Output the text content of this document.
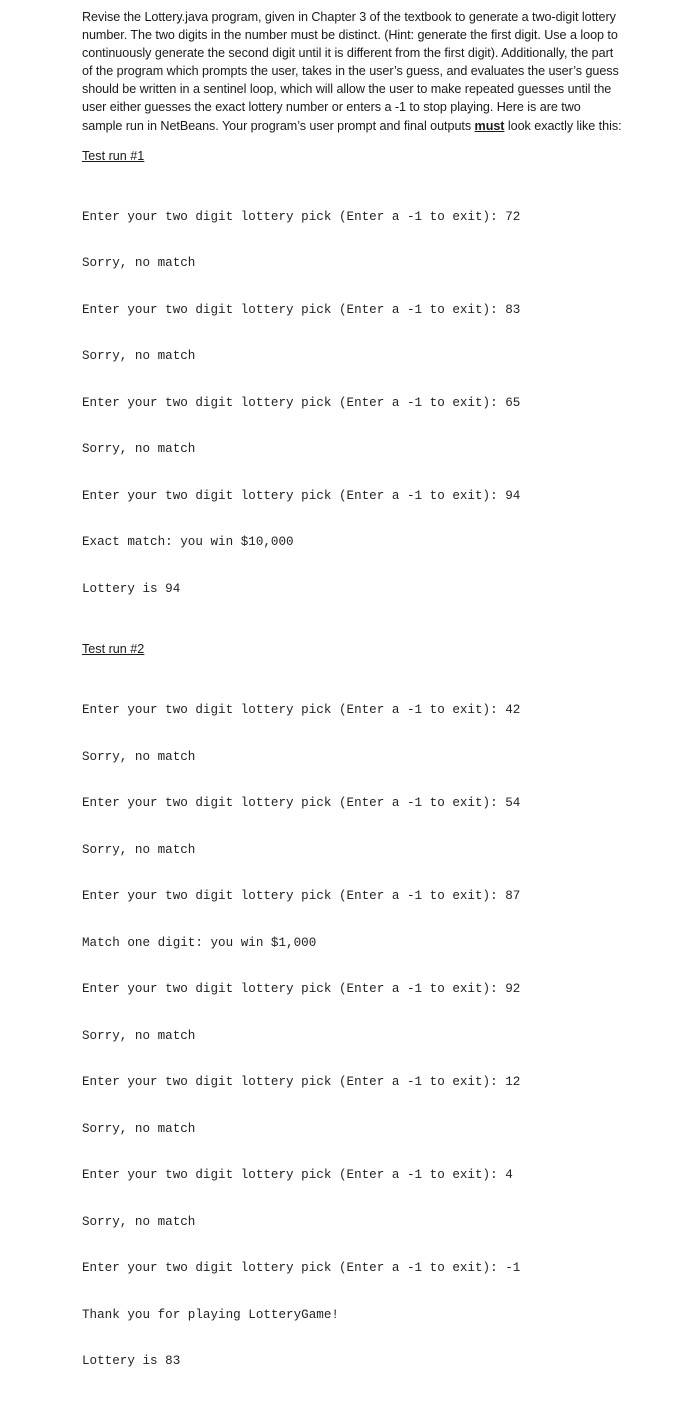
Revise the Lottery.java program, given in Chapter 3 of the textbook to generate a two-digit lottery number. The two digits in the number must be distinct. (Hint: generate the first digit. Use a loop to continuously generate the second digit until it is different from the first digit). Additionally, the part of the program which prompts the user, takes in the user’s guess, and evaluates the user’s guess should be written in a sentinel loop, which will allow the user to make repeated guesses until the user either guesses the exact lottery number or enters a -1 to stop playing. Here is are two sample run in NetBeans. Your program’s user prompt and final outputs must look exactly like this:

Test run #1

Enter your two digit lottery pick (Enter a -1 to exit): 72

Sorry, no match

Enter your two digit lottery pick (Enter a -1 to exit): 83

Sorry, no match

Enter your two digit lottery pick (Enter a -1 to exit): 65

Sorry, no match

Enter your two digit lottery pick (Enter a -1 to exit): 94

Exact match: you win $10,000

Lottery is 94

Test run #2

Enter your two digit lottery pick (Enter a -1 to exit): 42

Sorry, no match

Enter your two digit lottery pick (Enter a -1 to exit): 54

Sorry, no match

Enter your two digit lottery pick (Enter a -1 to exit): 87

Match one digit: you win $1,000

Enter your two digit lottery pick (Enter a -1 to exit): 92

Sorry, no match

Enter your two digit lottery pick (Enter a -1 to exit): 12

Sorry, no match

Enter your two digit lottery pick (Enter a -1 to exit): 4

Sorry, no match

Enter your two digit lottery pick (Enter a -1 to exit): -1

Thank you for playing LotteryGame!

Lottery is 83
